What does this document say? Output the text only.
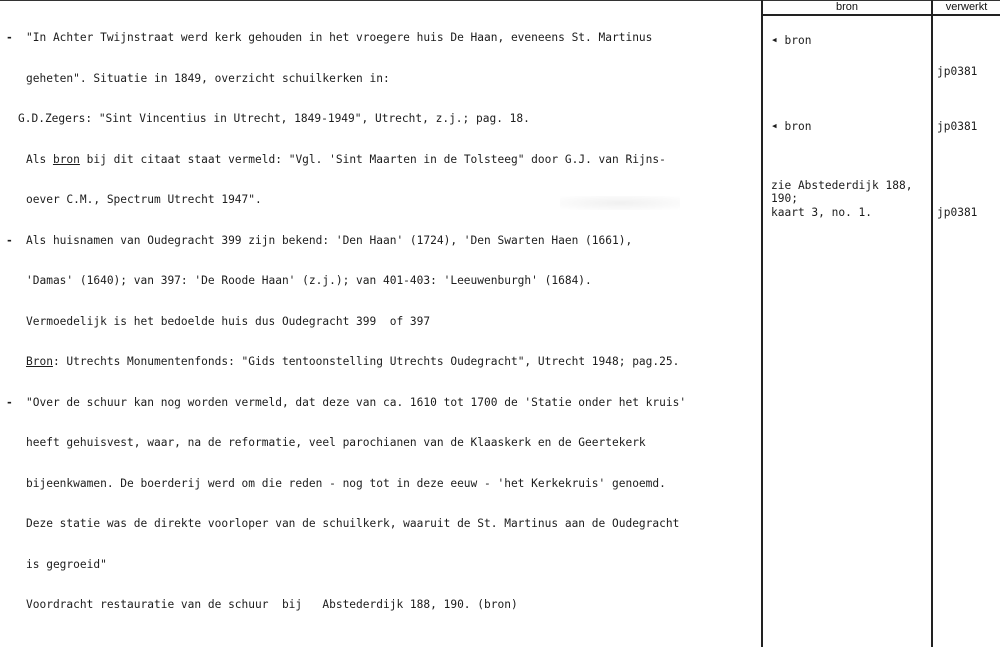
bron	verwerkt

- "In Achter Twijnstraat werd kerk gehouden in het vroegere huis De Haan, eveneens St. Martinus

geheten". Situatie in 1849, overzicht schuilkerken in:

G.D.Zegers: "Sint Vincentius in Utrecht, 1849-1949", Utrecht, z.j.; pag. 18.

Als bron bij dit citaat staat vermeld: "Vgl. 'Sint Maarten in de Tolsteeg" door G.J. van Rijns-

oever C.M., Spectrum Utrecht 1947".

- Als huisnamen van Oudegracht 399 zijn bekend: 'Den Haan' (1724), 'Den Swarten Haen (1661),

'Damas' (1640); van 397: 'De Roode Haan' (z.j.); van 401-403: 'Leeuwenburgh' (1684).

Vermoedelijk is het bedoelde huis dus Oudegracht 399  of 397

Bron: Utrechts Monumentenfonds: "Gids tentoonstelling Utrechts Oudegracht", Utrecht 1948; pag.25.

- "Over de schuur kan nog worden vermeld, dat deze van ca. 1610 tot 1700 de 'Statie onder het kruis'

heeft gehuisvest, waar, na de reformatie, veel parochianen van de Klaaskerk en de Geertekerk

bijeenkwamen. De boerderij werd om die reden - nog tot in deze eeuw - 'het Kerkekruis' genoemd.

Deze statie was de direkte voorloper van de schuilkerk, waaruit de St. Martinus aan de Oudegracht

is gegroeid"

Voordracht restauratie van de schuur  bij   Abstederdijk 188, 190. (bron)

◂ bron
◂ bron
zie Abstederdijk 188,
190;
kaart 3, no. 1.
jp0381
jp0381
jp0381
